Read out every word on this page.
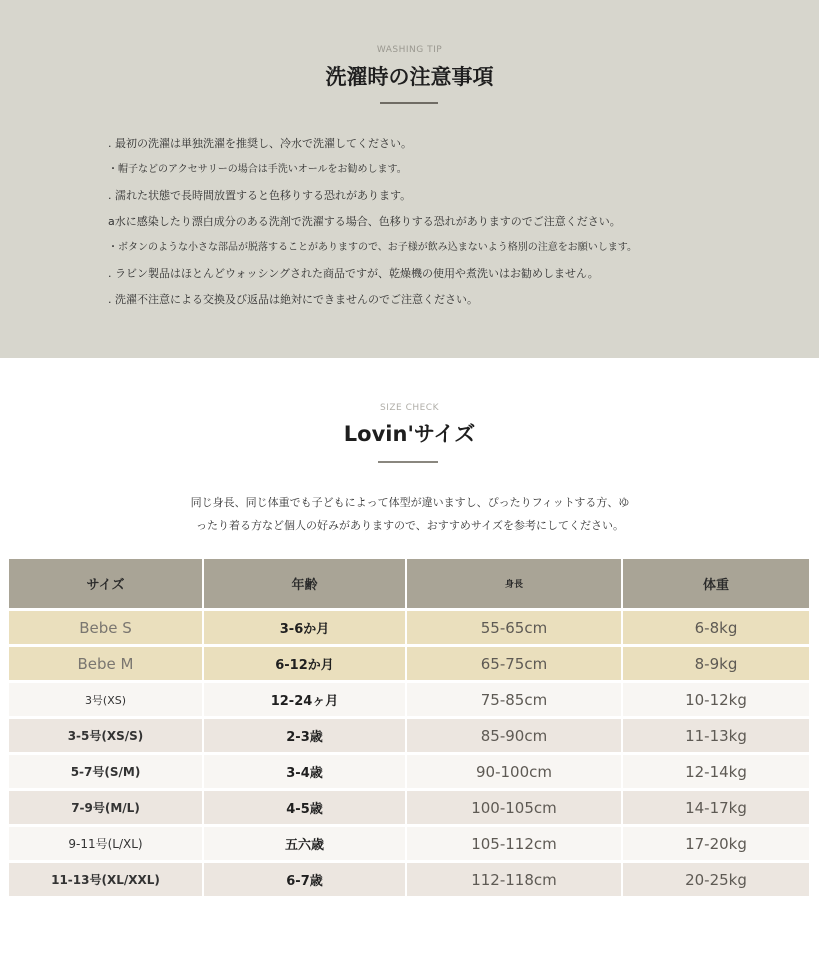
WASHING TIP
洗濯時の注意事項
. 最初の洗濯は単独洗濯を推奨し、冷水で洗濯してください。
・帽子などのアクセサリーの場合は手洗いオールをお勧めします。
. 濡れた状態で長時間放置すると色移りする恐れがあります。
a水に感染したり漂白成分のある洗剤で洗濯する場合、色移りする恐れがありますのでご注意ください。
・ボタンのような小さな部品が脱落することがありますので、お子様が飲み込まないよう格別の注意をお願いします。
. ラビン製品はほとんどウォッシングされた商品ですが、乾燥機の使用や煮洗いはお勧めしません。
. 洗濯不注意による交換及び返品は絶対にできませんのでご注意ください。
SIZE CHECK
Lovin'サイズ
同じ身長、同じ体重でも子どもによって体型が違いますし、ぴったりフィットする方、ゆ
ったり着る方など個人の好みがありますので、おすすめサイズを参考にしてください。
サイズ	年齢	身長	体重
Bebe S	3-6か月	55-65cm	6-8kg
Bebe M	6-12か月	65-75cm	8-9kg
3号(XS)	12-24ヶ月	75-85cm	10-12kg
3-5号(XS/S)	2-3歳	85-90cm	11-13kg
5-7号(S/M)	3-4歳	90-100cm	12-14kg
7-9号(M/L)	4-5歳	100-105cm	14-17kg
9-11号(L/XL)	五六歳	105-112cm	17-20kg
11-13号(XL/XXL)	6-7歳	112-118cm	20-25kg
